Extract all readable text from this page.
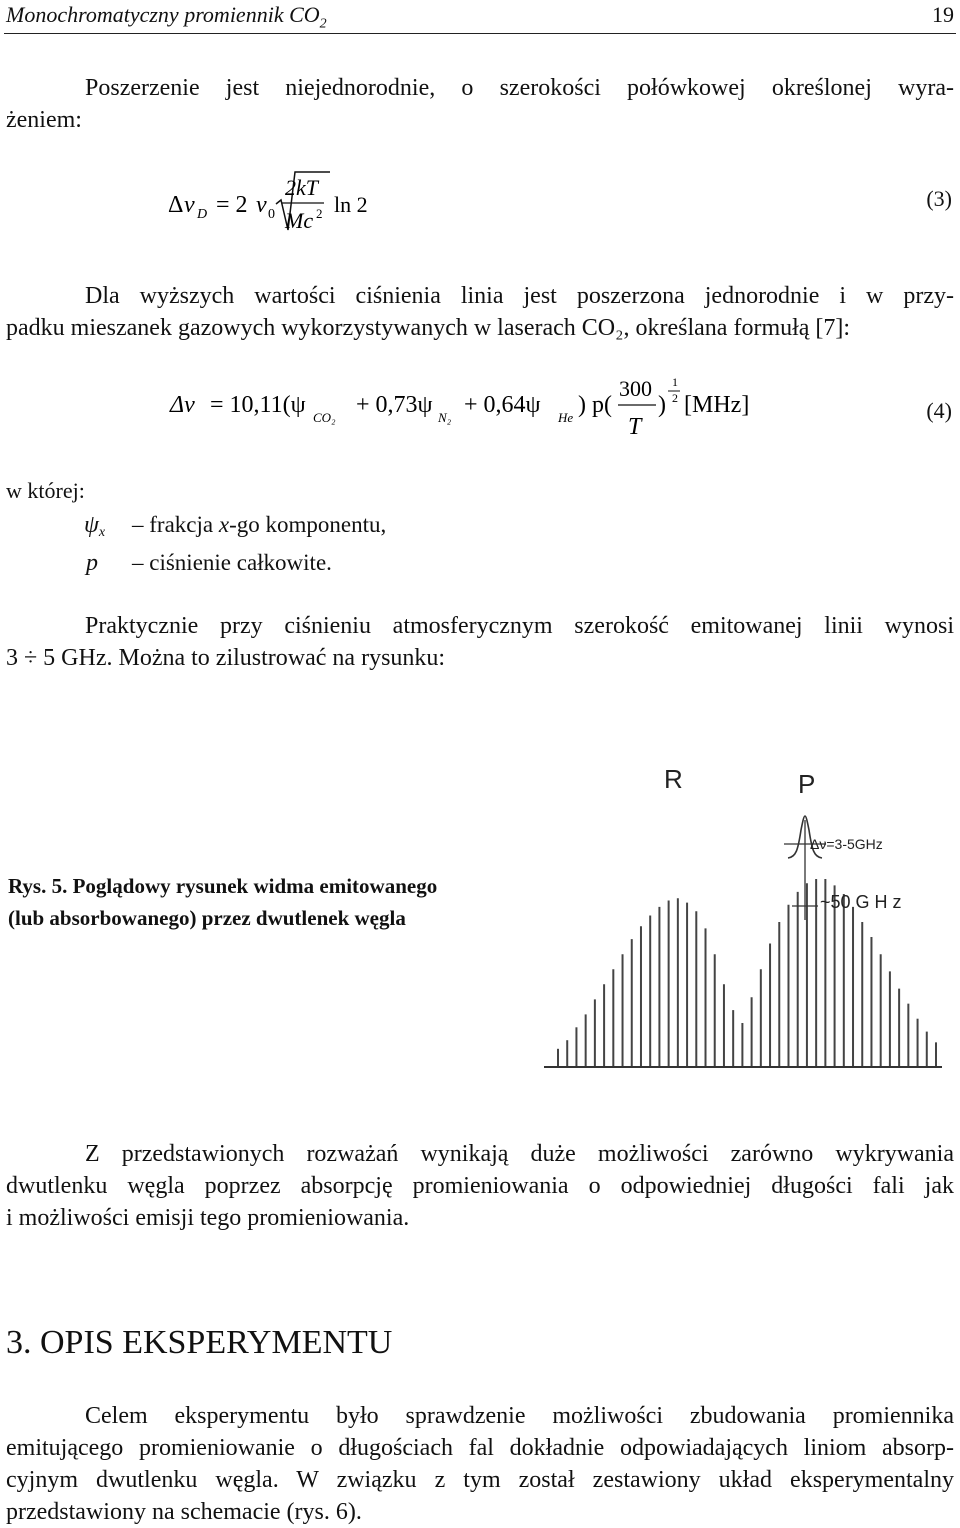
Monochromatyczny promiennik $CO_2$	19
Poszerzenie jest niejednorodnie, o szerokości połówkowej określonej wyra-
żeniem:
Δ ν D = 2 ν 0
2kT
Mc 2 ln 2	(3)
Dla wyższych wartości ciśnienia linia jest poszerzona jednorodnie i w przy-
padku mieszanek gazowych wykorzystywanych w laserach CO₂, określana formułą [7]:
Δν = 10,11(ψ CO₂ + 0,73ψ N₂ + 0,64ψ He ) p(
300
T
)
1
2 [MHz]	(4)
w której:
$\psi_x$ – frakcja x-go komponentu,
p – ciśnienie całkowite.
Praktycznie przy ciśnieniu atmosferycznym szerokość emitowanej linii wynosi
3 ÷ 5 GHz. Można to zilustrować na rysunku:
Rys. 5. Poglądowy rysunek widma emitowanego
(lub absorbowanego) przez dwutlenek węgla
R	P
Δν=3-5GHz
~50 G H z
Z przedstawionych rozważań wynikają duże możliwości zarówno wykrywania
dwutlenku węgla poprzez absorpcję promieniowania o odpowiedniej długości fali jak
i możliwości emisji tego promieniowania.
3. OPIS EKSPERYMENTU
Celem eksperymentu było sprawdzenie możliwości zbudowania promiennika
emitującego promieniowanie o długościach fal dokładnie odpowiadających liniom absorp-
cyjnym dwutlenku węgla. W związku z tym został zestawiony układ eksperymentalny
przedstawiony na schemacie (rys. 6).
